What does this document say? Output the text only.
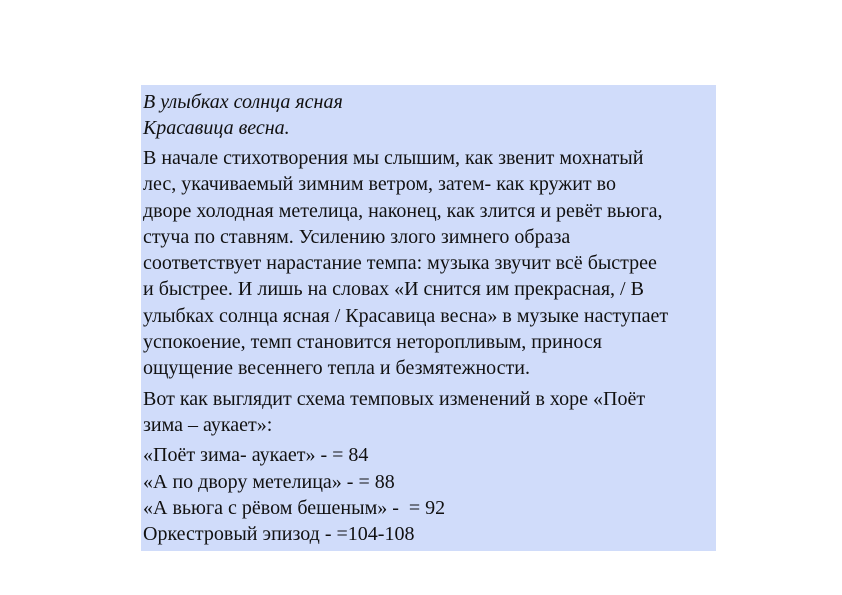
В улыбках солнца ясная
Красавица весна.
В начале стихотворения мы слышим, как звенит мохнатый
лес, укачиваемый зимним ветром, затем- как кружит во
дворе холодная метелица, наконец, как злится и ревёт вьюга,
стуча по ставням. Усилению злого зимнего образа
соответствует нарастание темпа: музыка звучит всё быстрее
и быстрее. И лишь на словах «И снится им прекрасная, / В
улыбках солнца ясная / Красавица весна» в музыке наступает
успокоение, темп становится неторопливым, принося
ощущение весеннего тепла и безмятежности.
Вот как выглядит схема темповых изменений в хоре «Поёт
зима – аукает»:
«Поёт зима- аукает» - = 84
«А по двору метелица» - = 88
«А вьюга с рёвом бешеным» -  = 92
Оркестровый эпизод - =104-108
